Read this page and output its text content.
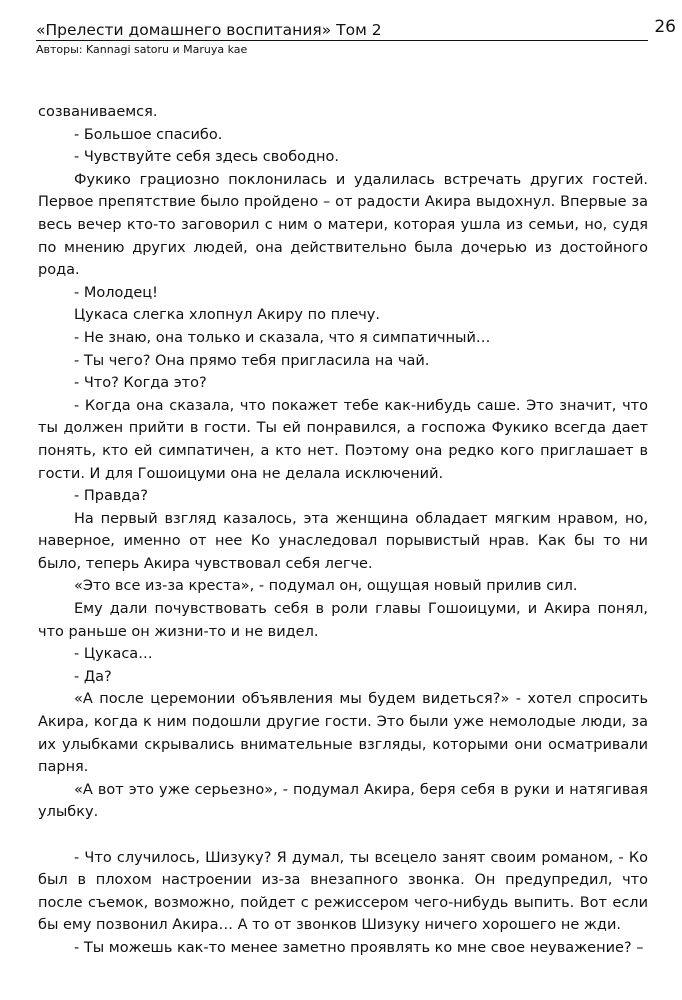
«Прелести домашнего воспитания» Том 2	26
Авторы: Kannagi satoru и Maruya kae

созваниваемся.

- Большое спасибо.

- Чувствуйте себя здесь свободно.

Фукико грациозно поклонилась и удалилась встречать других гостей. Первое препятствие было пройдено – от радости Акира выдохнул. Впервые за весь вечер кто-то заговорил с ним о матери, которая ушла из семьи, но, судя по мнению других людей, она действительно была дочерью из достойного рода.

- Молодец!

Цукаса слегка хлопнул Акиру по плечу.

- Не знаю, она только и сказала, что я симпатичный…

- Ты чего? Она прямо тебя пригласила на чай.

- Что? Когда это?

- Когда она сказала, что покажет тебе как-нибудь саше. Это значит, что ты должен прийти в гости. Ты ей понравился, а госпожа Фукико всегда дает понять, кто ей симпатичен, а кто нет. Поэтому она редко кого приглашает в гости. И для Гошоицуми она не делала исключений.

- Правда?

На первый взгляд казалось, эта женщина обладает мягким нравом, но, наверное, именно от нее Ко унаследовал порывистый нрав. Как бы то ни было, теперь Акира чувствовал себя легче.

«Это все из-за креста», - подумал он, ощущая новый прилив сил.

Ему дали почувствовать себя в роли главы Гошоицуми, и Акира понял, что раньше он жизни-то и не видел.

- Цукаса…

- Да?

«А после церемонии объявления мы будем видеться?» - хотел спросить Акира, когда к ним подошли другие гости. Это были уже немолодые люди, за их улыбками скрывались внимательные взгляды, которыми они осматривали парня.

«А вот это уже серьезно», - подумал Акира, беря себя в руки и натягивая улыбку.

- Что случилось, Шизуку? Я думал, ты всецело занят своим романом, - Ко был в плохом настроении из-за внезапного звонка. Он предупредил, что после съемок, возможно, пойдет с режиссером чего-нибудь выпить. Вот если бы ему позвонил Акира… А то от звонков Шизуку ничего хорошего не жди.

- Ты можешь как-то менее заметно проявлять ко мне свое неуважение? –
